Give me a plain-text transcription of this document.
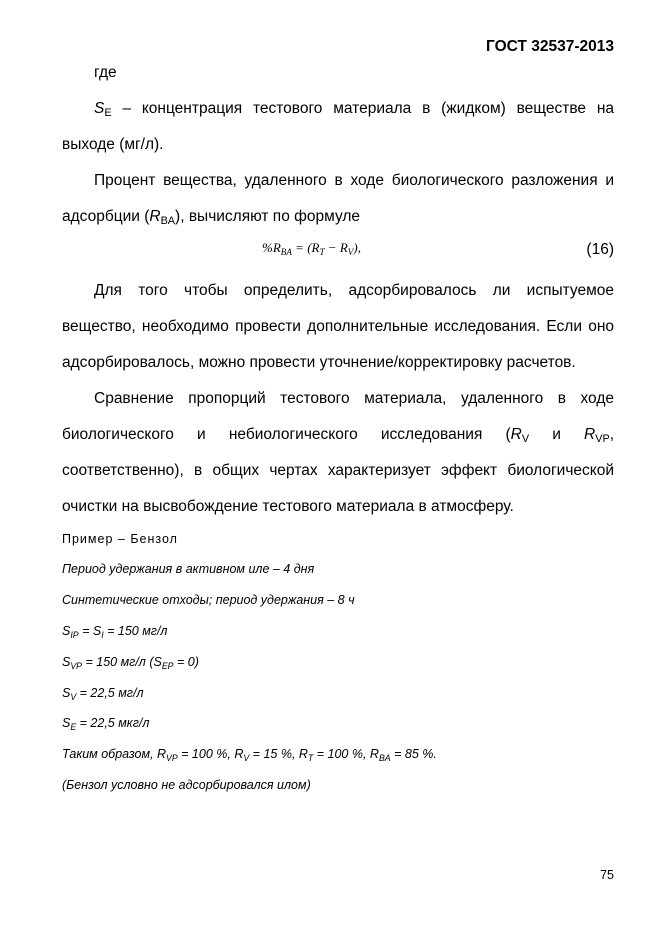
ГОСТ 32537-2013
где
$S_E$ – концентрация тестового материала в (жидком) веществе на
выходе (мг/л).
Процент вещества, удаленного в ходе биологического разложения и
адсорбции $(R_{BA})$, вычисляют по формуле
$\%R_{BA} = (R_T - R_V)$,	(16)
Для того чтобы определить, адсорбировалось ли испытуемое
вещество, необходимо провести дополнительные исследования. Если оно
адсорбировалось, можно провести уточнение/корректировку расчетов.
Сравнение пропорций тестового материала, удаленного в ходе
биологического и небиологического исследования ($R_V$ и $R_{VP}$,
соответственно), в общих чертах характеризует эффект биологической
очистки на высвобождение тестового материала в атмосферу.
Пример – Бензол
Период удержания в активном иле – 4 дня
Синтетические отходы; период удержания – 8 ч
$S_{IP} = S_I = 150$ мг/л
$S_{VP} = 150$ мг/л $(S_{EP} = 0)$
$S_V = 22,5$ мг/л
$S_E = 22,5$ мкг/л
Таким образом, $R_{VP} = 100$ %, $R_V = 15$ %, $R_T = 100$ %, $R_{BA} = 85$ %.
(Бензол условно не адсорбировался илом)
75
